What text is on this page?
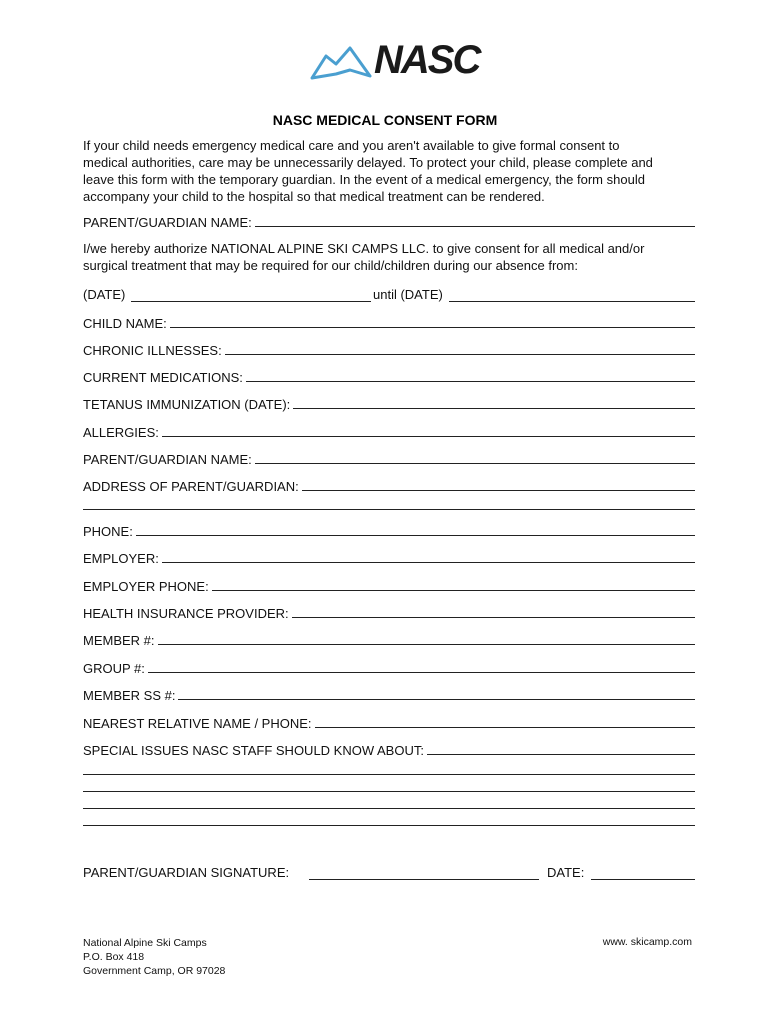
NASC
NASC MEDICAL CONSENT FORM
If your child needs emergency medical care and you aren't available to give formal consent to
medical authorities, care may be unnecessarily delayed. To protect your child, please complete and
leave this form with the temporary guardian. In the event of a medical emergency, the form should
accompany your child to the hospital so that medical treatment can be rendered.
PARENT/GUARDIAN NAME:
I/we hereby authorize NATIONAL ALPINE SKI CAMPS LLC. to give consent for all medical and/or
surgical treatment that may be required for our child/children during our absence from:
(DATE)	until (DATE)
CHILD NAME:
CHRONIC ILLNESSES:
CURRENT MEDICATIONS:
TETANUS IMMUNIZATION (DATE):
ALLERGIES:
PARENT/GUARDIAN NAME:
ADDRESS OF PARENT/GUARDIAN:
PHONE:
EMPLOYER:
EMPLOYER PHONE:
HEALTH INSURANCE PROVIDER:
MEMBER #:
GROUP #:
MEMBER SS #:
NEAREST RELATIVE NAME / PHONE:
SPECIAL ISSUES NASC STAFF SHOULD KNOW ABOUT:
PARENT/GUARDIAN SIGNATURE:	DATE:
National Alpine Ski Camps
P.O. Box 418
Government Camp, OR 97028
www. skicamp.com
